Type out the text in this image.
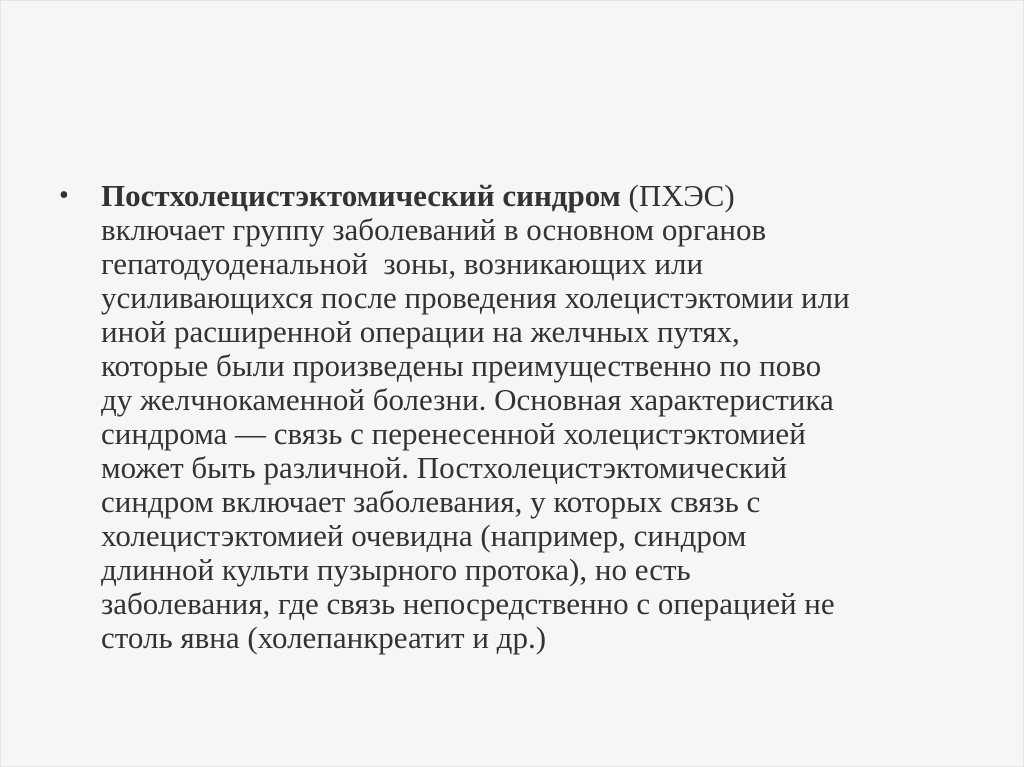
•	Постхолецистэктомический синдром (ПХЭС)
включает группу заболеваний в основном органов
гепатодуоденальной  зоны, возникающих или
усиливающихся после проведения холецистэктомии или
иной расширенной операции на желчных путях,
которые были произведены преимущественно по пово
ду желчнокаменной болезни. Основная характеристика
синдрома — связь с перенесенной холецистэктомией
может быть различной. Постхолецистэктомический
синдром включает заболевания, у которых связь с
холецистэктомией очевидна (например, синдром
длинной культи пузырного протока), но есть
заболевания, где связь непосредственно с операцией не
столь явна (холепанкреатит и др.)
